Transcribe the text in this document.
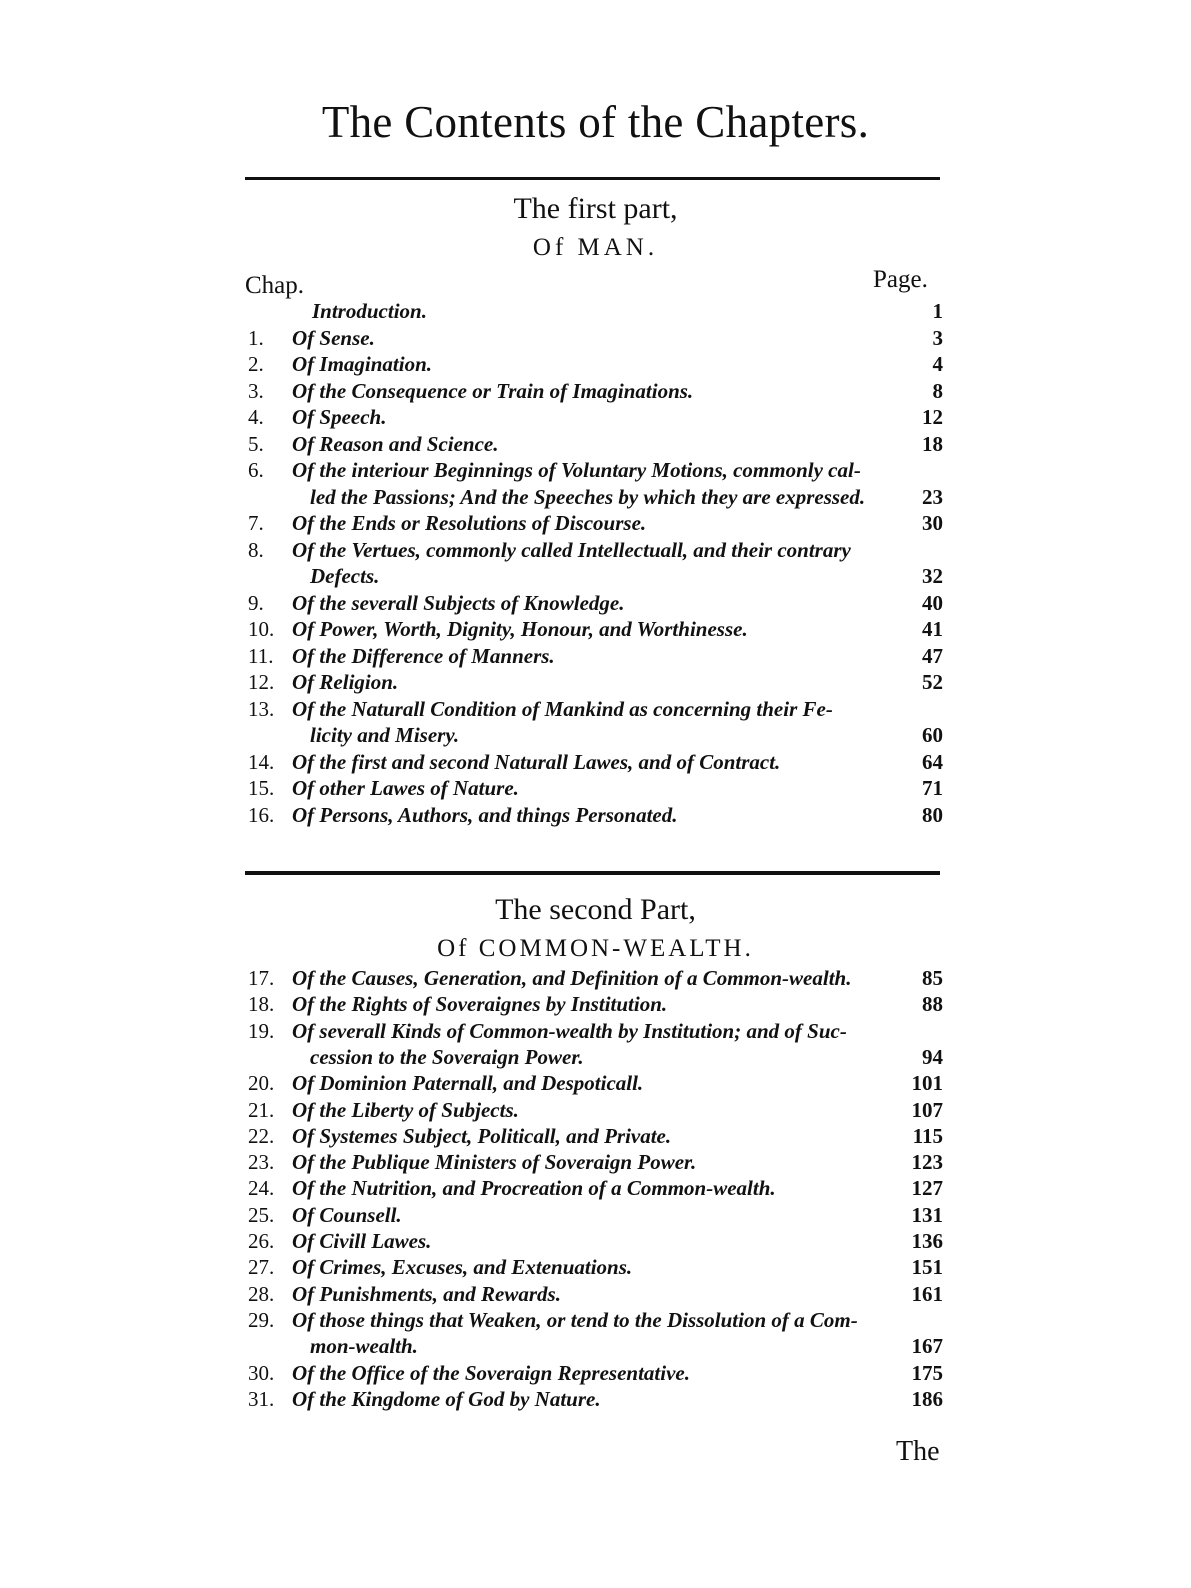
The Contents of the Chapters.
The first part,
Of MAN.
Chap.	Page.
Introduction.	1
1.	Of Sense.	3
2.	Of Imagination.	4
3.	Of the Consequence or Train of Imaginations.	8
4.	Of Speech.	12
5.	Of Reason and Science.	18
6.	Of the interiour Beginnings of Voluntary Motions, commonly cal-
led the Passions; And the Speeches by which they are expressed.	23
7.	Of the Ends or Resolutions of Discourse.	30
8.	Of the Vertues, commonly called Intellectuall, and their contrary
Defects.	32
9.	Of the severall Subjects of Knowledge.	40
10. Of Power, Worth, Dignity, Honour, and Worthinesse.	41
11. Of the Difference of Manners.	47
12. Of Religion.	52
13. Of the Naturall Condition of Mankind as concerning their Fe-
licity and Misery.	60
14. Of the first and second Naturall Lawes, and of Contract.	64
15. Of other Lawes of Nature.	71
16. Of Persons, Authors, and things Personated.	80
The second Part,
Of COMMON-WEALTH.
17. Of the Causes, Generation, and Definition of a Common-wealth.	85
18. Of the Rights of Soveraignes by Institution.	88
19. Of severall Kinds of Common-wealth by Institution; and of Suc-
cession to the Soveraign Power.	94
20. Of Dominion Paternall, and Despoticall.	101
21. Of the Liberty of Subjects.	107
22. Of Systemes Subject, Politicall, and Private.	115
23. Of the Publique Ministers of Soveraign Power.	123
24. Of the Nutrition, and Procreation of a Common-wealth.	127
25. Of Counsell.	131
26. Of Civill Lawes.	136
27. Of Crimes, Excuses, and Extenuations.	151
28. Of Punishments, and Rewards.	161
29. Of those things that Weaken, or tend to the Dissolution of a Com-
mon-wealth.	167
30. Of the Office of the Soveraign Representative.	175
31. Of the Kingdome of God by Nature.	186
The
